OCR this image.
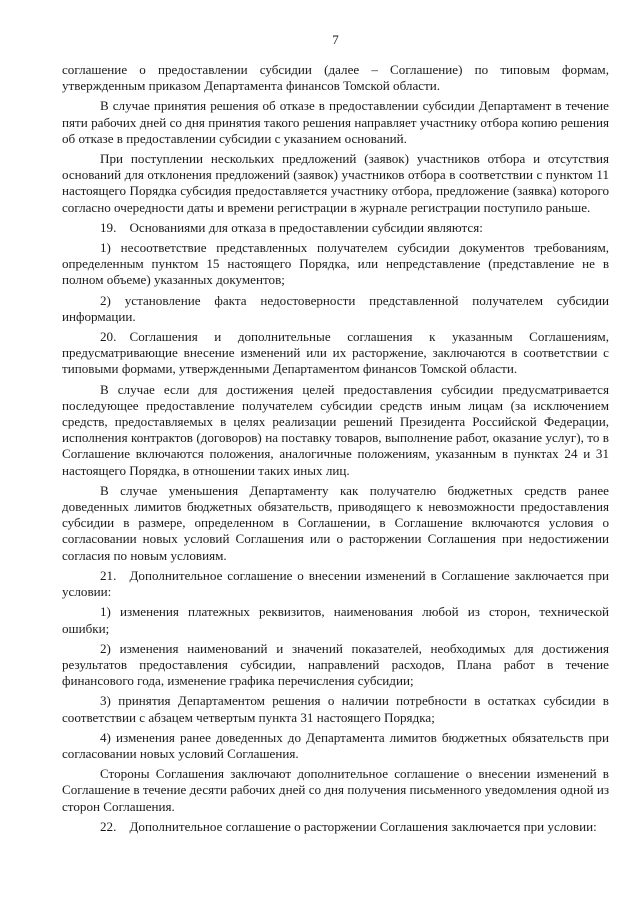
7

соглашение о предоставлении субсидии (далее – Соглашение) по типовым формам, утвержденным приказом Департамента финансов Томской области.

В случае принятия решения об отказе в предоставлении субсидии Департамент в течение пяти рабочих дней со дня принятия такого решения направляет участнику отбора копию решения об отказе в предоставлении субсидии с указанием оснований.

При поступлении нескольких предложений (заявок) участников отбора и отсутствия оснований для отклонения предложений (заявок) участников отбора в соответствии с пунктом 11 настоящего Порядка субсидия предоставляется участнику отбора, предложение (заявка) которого согласно очередности даты и времени регистрации в журнале регистрации поступило раньше.

19. Основаниями для отказа в предоставлении субсидии являются:

1) несоответствие представленных получателем субсидии документов требованиям, определенным пунктом 15 настоящего Порядка, или непредставление (представление не в полном объеме) указанных документов;

2) установление факта недостоверности представленной получателем субсидии информации.

20. Соглашения и дополнительные соглашения к указанным Соглашениям, предусматривающие внесение изменений или их расторжение, заключаются в соответствии с типовыми формами, утвержденными Департаментом финансов Томской области.

В случае если для достижения целей предоставления субсидии предусматривается последующее предоставление получателем субсидии средств иным лицам (за исключением средств, предоставляемых в целях реализации решений Президента Российской Федерации, исполнения контрактов (договоров) на поставку товаров, выполнение работ, оказание услуг), то в Соглашение включаются положения, аналогичные положениям, указанным в пунктах 24 и 31 настоящего Порядка, в отношении таких иных лиц.

В случае уменьшения Департаменту как получателю бюджетных средств ранее доведенных лимитов бюджетных обязательств, приводящего к невозможности предоставления субсидии в размере, определенном в Соглашении, в Соглашение включаются условия о согласовании новых условий Соглашения или о расторжении Соглашения при недостижении согласия по новым условиям.

21. Дополнительное соглашение о внесении изменений в Соглашение заключается при условии:

1) изменения платежных реквизитов, наименования любой из сторон, технической ошибки;

2) изменения наименований и значений показателей, необходимых для достижения результатов предоставления субсидии, направлений расходов, Плана работ в течение финансового года, изменение графика перечисления субсидии;

3) принятия Департаментом решения о наличии потребности в остатках субсидии в соответствии с абзацем четвертым пункта 31 настоящего Порядка;

4) изменения ранее доведенных до Департамента лимитов бюджетных обязательств при согласовании новых условий Соглашения.

Стороны Соглашения заключают дополнительное соглашение о внесении изменений в Соглашение в течение десяти рабочих дней со дня получения письменного уведомления одной из сторон Соглашения.

22. Дополнительное соглашение о расторжении Соглашения заключается при условии:
